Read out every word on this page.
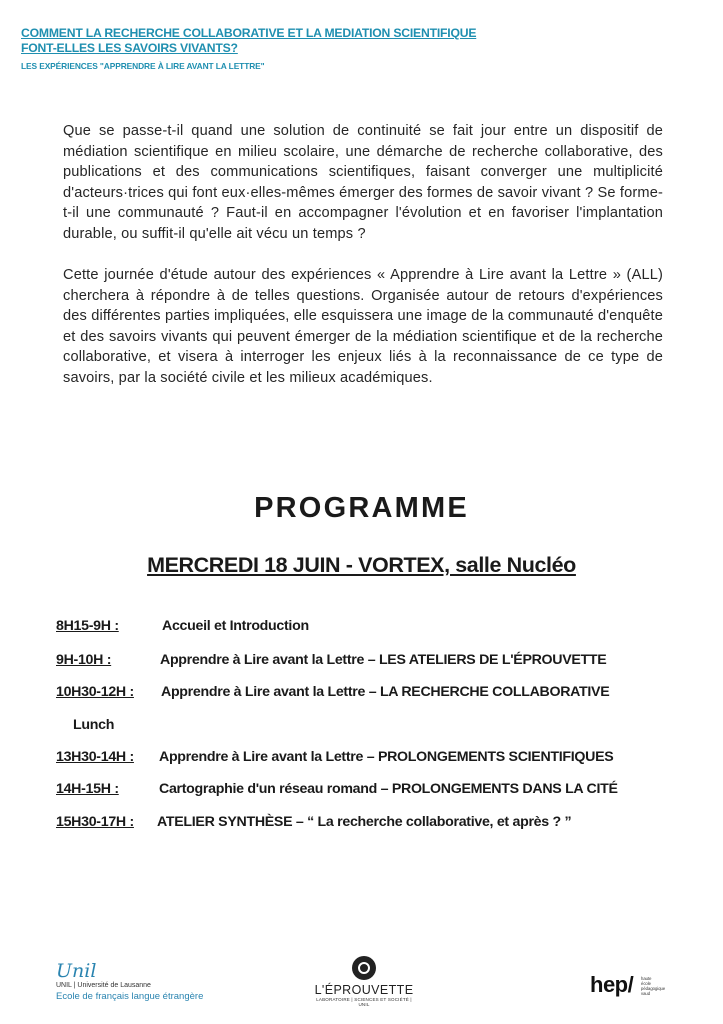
COMMENT LA RECHERCHE COLLABORATIVE ET LA MEDIATION SCIENTIFIQUE
FONT-ELLES LES SAVOIRS VIVANTS?
LES EXPÉRIENCES "APPRENDRE À LIRE AVANT LA LETTRE"

Que se passe-t-il quand une solution de continuité se fait jour entre un dispositif de médiation scientifique en milieu scolaire, une démarche de recherche collaborative, des publications et des communications scientifiques, faisant converger une multiplicité d'acteurs·trices qui font eux·elles-mêmes émerger des formes de savoir vivant ? Se forme-t-il une communauté ? Faut-il en accompagner l'évolution et en favoriser l'implantation durable, ou suffit-il qu'elle ait vécu un temps ?

Cette journée d'étude autour des expériences « Apprendre à Lire avant la Lettre » (ALL) cherchera à répondre à de telles questions. Organisée autour de retours d'expériences des différentes parties impliquées, elle esquissera une image de la communauté d'enquête et des savoirs vivants qui peuvent émerger de la médiation scientifique et de la recherche collaborative, et visera à interroger les enjeux liés à la reconnaissance de ce type de savoirs, par la société civile et les milieux académiques.

PROGRAMME
MERCREDI 18 JUIN - VORTEX, salle Nucléo
8H15-9H :	Accueil et Introduction
9H-10H :	Apprendre à Lire avant la Lettre – LES ATELIERS DE L'ÉPROUVETTE
10H30-12H : Apprendre à Lire avant la Lettre – LA RECHERCHE COLLABORATIVE
Lunch
13H30-14H : Apprendre à Lire avant la Lettre – PROLONGEMENTS SCIENTIFIQUES
14H-15H :	Cartographie d'un réseau romand – PROLONGEMENTS DANS LA CITÉ
15H30-17H : ATELIER SYNTHÈSE – “ La recherche collaborative, et après ? ”
Unil
UNIL | Université de Lausanne
Ecole de français langue étrangère	L'ÉPROUVETTE
LABORATOIRE | SCIENCES ET SOCIÉTÉ | UNIL
hep/ haute école pédagogique vaud
